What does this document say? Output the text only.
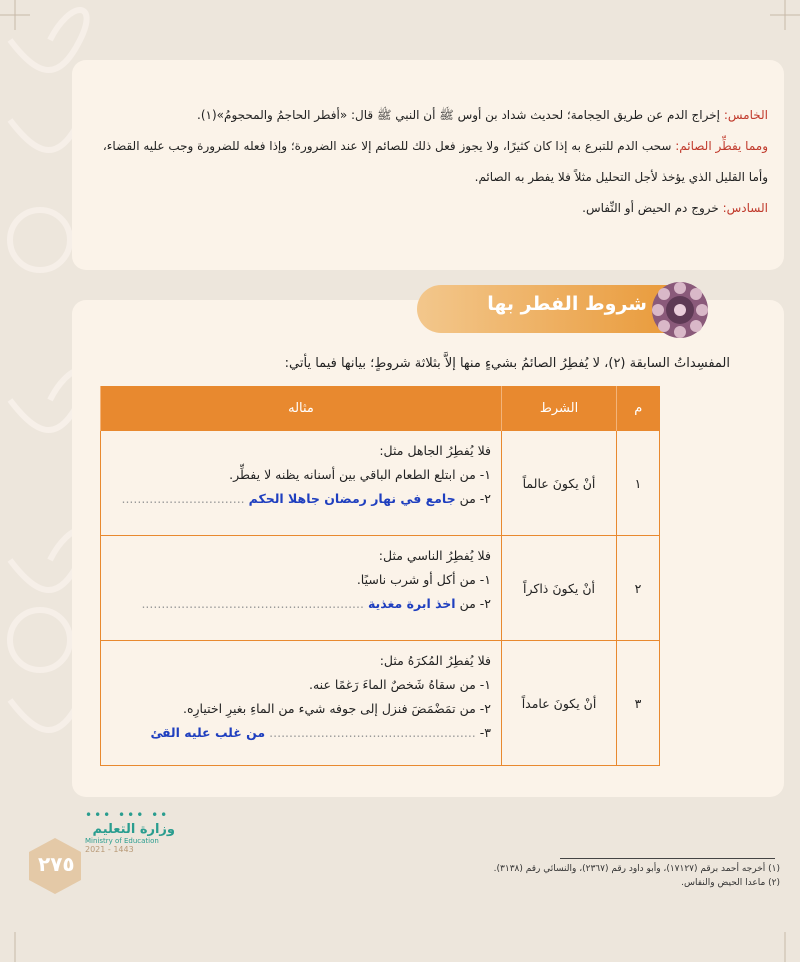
الخامس: إخراج الدم عن طريق الحِجامة؛ لحديث شداد بن أوس ﷺ أن النبي ﷺ قال: «أفطر الحاجمُ والمحجومُ»(١).

ومما يفطِّر الصائم: سحب الدم للتبرع به إذا كان كثيرًا، ولا يجوز فعل ذلك للصائم إلا عند الضرورة؛ وإذا فعله للضرورة وجب عليه القضاء، وأما القليل الذي يؤخذ لأجل التحليل مثلاً فلا يفطر به الصائم.

السادس: خروج دم الحيض أو النِّفاس.

شروط الفطر بها
المفسِداتُ السابقة (٢)، لا يُفطِرُ الصائمُ بشيءٍ منها إلاَّ بثلاثة شروطٍ؛ بيانها فيما يأتي:
م	الشرط	مثاله
١	أنْ يكونَ عالماً	فلا يُفطِرُ الجاهل مثل:
١- من ابتلع الطعام الباقي بين أسنانه يظنه لا يفطِّر.
٢- من جامع في نهار رمضان جاهلا الحكم ...............................

٢	أنْ يكونَ ذاكراً	فلا يُفطِرُ الناسي مثل:
١- من أكل أو شرب ناسيًا.
٢- من اخذ ابرة مغذية ........................................................

٣	أنْ يكونَ عامداً	فلا يُفطِرُ المُكرَهُ مثل:
١- من سقاهُ شَخصٌ الماءَ رَغمًا عنه.
٢- من تمَضْمَضَ فنزل إلى جوفه شيء من الماءِ بغيرِ اختيارِه.
٣- .................................................... من غلب عليه القئ
٢٧٥
••• ••• ••
وزارة التعليم
Ministry of Education
2021 - 1443
(١) أخرجه أحمد برقم (١٧١٢٧)، وأبو داود رقم (٢٣٦٧)، والنسائي رقم (٣١٣٨).
(٢) ماعدا الحيض والنفاس.
